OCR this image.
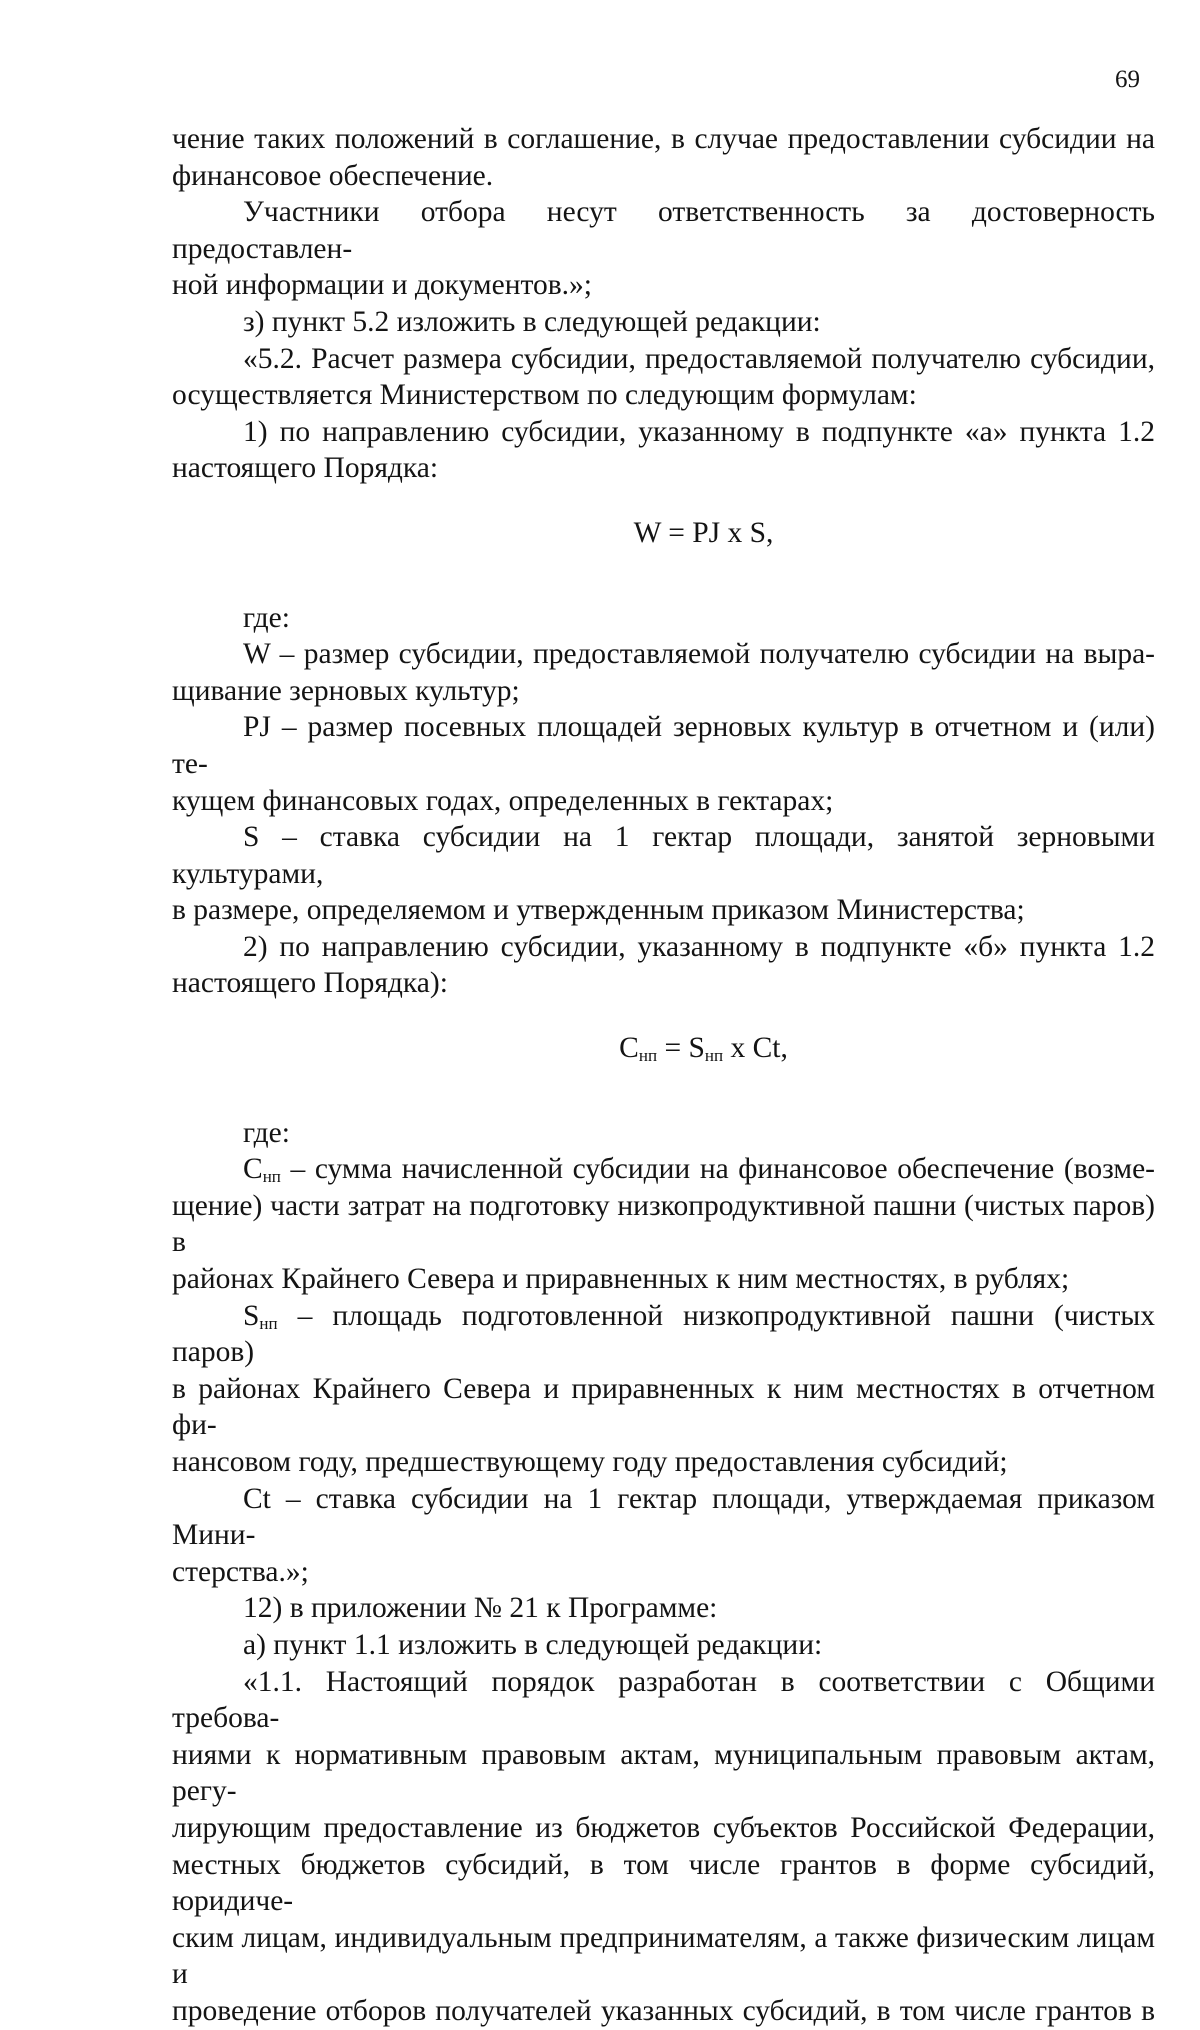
69

чение таких положений в соглашение, в случае предоставлении субсидии на

финансовое обеспечение.

Участники отбора несут ответственность за достоверность предоставлен-

ной информации и документов.»;

з) пункт 5.2 изложить в следующей редакции:

«5.2. Расчет размера субсидии, предоставляемой получателю субсидии,

осуществляется Министерством по следующим формулам:

1) по направлению субсидии, указанному в подпункте «а» пункта 1.2

настоящего Порядка:

W = PJ x S,

где:

W – размер субсидии, предоставляемой получателю субсидии на выра-

щивание зерновых культур;

PJ – размер посевных площадей зерновых культур в отчетном и (или) те-

кущем финансовых годах, определенных в гектарах;

S – ставка субсидии на 1 гектар площади, занятой зерновыми культурами,

в размере, определяемом и утвержденным приказом Министерства;

2) по направлению субсидии, указанному в подпункте «б» пункта 1.2

настоящего Порядка):

$C_{нп} = S_{нп}$ x Ct,

где:

$C_{нп}$ – сумма начисленной субсидии на финансовое обеспечение (возме-

щение) части затрат на подготовку низкопродуктивной пашни (чистых паров) в

районах Крайнего Севера и приравненных к ним местностях, в рублях;

$S_{нп}$ – площадь подготовленной низкопродуктивной пашни (чистых паров)

в районах Крайнего Севера и приравненных к ним местностях в отчетном фи-

нансовом году, предшествующему году предоставления субсидий;

Ct – ставка субсидии на 1 гектар площади, утверждаемая приказом Мини-

стерства.»;

12) в приложении № 21 к Программе:

а) пункт 1.1 изложить в следующей редакции:

«1.1. Настоящий порядок разработан в соответствии с Общими требова-

ниями к нормативным правовым актам, муниципальным правовым актам, регу-

лирующим предоставление из бюджетов субъектов Российской Федерации,

местных бюджетов субсидий, в том числе грантов в форме субсидий, юридиче-

ским лицам, индивидуальным предпринимателям, а также физическим лицам и

проведение отборов получателей указанных субсидий, в том числе грантов в
